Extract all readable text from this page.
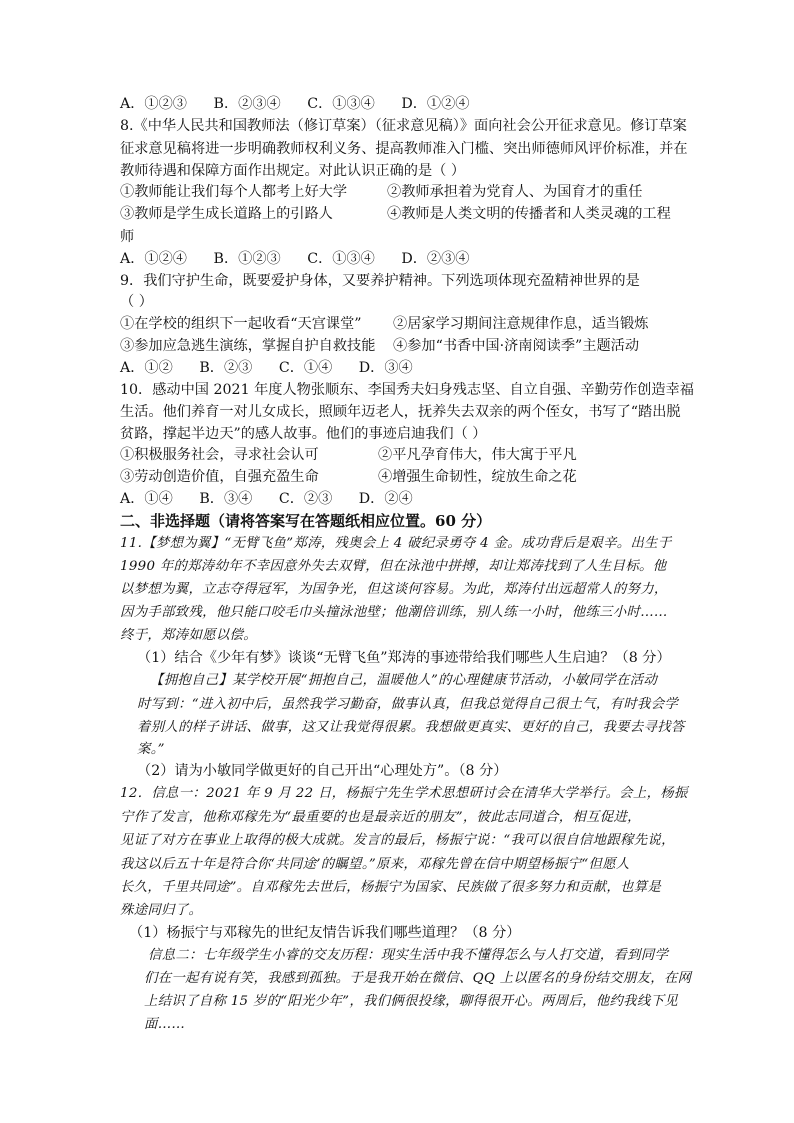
A．①②③ B．②③④ C．①③④ D．①②④
8.《中华人民共和国教师法（修订草案）（征求意见稿）》面向社会公开征求意见。修订草案
征求意见稿将进一步明确教师权利义务、提高教师准入门槛、突出师德师风评价标准，并在
教师待遇和保障方面作出规定。对此认识正确的是（ ）
①教师能让我们每个人都考上好大学	②教师承担着为党育人、为国育才的重任
③教师是学生成长道路上的引路人	④教师是人类文明的传播者和人类灵魂的工程
师
A．①②④ B．①②③ C．①③④ D．②③④
9．我们守护生命，既要爱护身体，又要养护精神。下列选项体现充盈精神世界的是
（ ）
①在学校的组织下一起收看“天宫课堂” ②居家学习期间注意规律作息，适当锻炼
③参加应急逃生演练，掌握自护自救技能 ④参加“书香中国·济南阅读季”主题活动
A．①② B．②③ C．①④ D．③④
10．感动中国 2021 年度人物张顺东、李国秀夫妇身残志坚、自立自强、辛勤劳作创造幸福
生活。他们养育一对儿女成长，照顾年迈老人，抚养失去双亲的两个侄女，书写了“踏出脱
贫路，撑起半边天”的感人故事。他们的事迹启迪我们（ ）
①积极服务社会，寻求社会认可	②平凡孕育伟大，伟大寓于平凡
③劳动创造价值，自强充盈生命	④增强生命韧性，绽放生命之花
A．①④ B．③④ C．②③ D．②④
二、非选择题（请将答案写在答题纸相应位置。60 分）
11.【梦想为翼】“无臂飞鱼”郑涛，残奥会上 4 破纪录勇夺 4 金。成功背后是艰辛。出生于
1990 年的郑涛幼年不幸因意外失去双臂，但在泳池中拼搏，却让郑涛找到了人生目标。他
以梦想为翼，立志夺得冠军，为国争光，但这谈何容易。为此，郑涛付出远超常人的努力，
因为手部致残，他只能口咬毛巾头撞泳池壁；他潮倍训练，别人练一小时，他练三小时……
终于，郑涛如愿以偿。
（1）结合《少年有梦》谈谈“无臂飞鱼”郑涛的事迹带给我们哪些人生启迪？（8 分）
【拥抱自己】某学校开展“拥抱自己，温暖他人”的心理健康节活动，小敏同学在活动
时写到：“进入初中后，虽然我学习勤奋，做事认真，但我总觉得自己很土气，有时我会学
着别人的样子讲话、做事，这又让我觉得很累。我想做更真实、更好的自己，我要去寻找答
案。”
（2）请为小敏同学做更好的自己开出“心理处方”。（8 分）
12．信息一：2021 年 9 月 22 日，杨振宁先生学术思想研讨会在清华大学举行。会上，杨振
宁作了发言，他称邓稼先为“最重要的也是最亲近的朋友”，彼此志同道合，相互促进，
见证了对方在事业上取得的极大成就。发言的最后，杨振宁说：“我可以很自信地跟稼先说，
我这以后五十年是符合你‘共同途’的瞩望。”原来，邓稼先曾在信中期望杨振宁“但愿人
长久，千里共同途”。自邓稼先去世后，杨振宁为国家、民族做了很多努力和贡献，也算是
殊途同归了。
（1）杨振宁与邓稼先的世纪友情告诉我们哪些道理？（8 分）
信息二：七年级学生小睿的交友历程：现实生活中我不懂得怎么与人打交道，看到同学
们在一起有说有笑，我感到孤独。于是我开始在微信、QQ 上以匿名的身份结交朋友，在网
上结识了自称 15 岁的“阳光少年”，我们俩很投缘，聊得很开心。两周后，他约我线下见
面……
